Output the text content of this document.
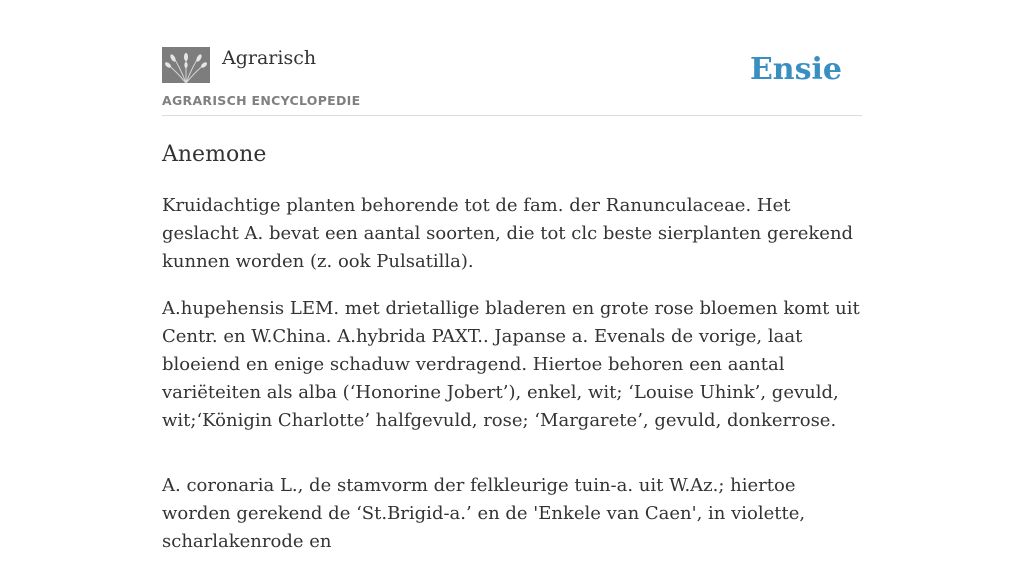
Agrarisch
AGRARISCH ENCYCLOPEDIE
Ensie
Anemone

Kruidachtige planten behorende tot de fam. der Ranunculaceae. Het geslacht A. bevat een aantal soorten, die tot clc beste sierplanten gerekend kunnen worden (z. ook Pulsatilla).

A.hupehensis LEM. met drietallige bladeren en grote rose bloemen komt uit Centr. en W.China. A.hybrida PAXT.. Japanse a. Evenals de vorige, laat bloeiend en enige schaduw verdragend. Hiertoe behoren een aantal variëteiten als alba (‘Honorine Jobert’), enkel, wit; ‘Louise Uhink’, gevuld, wit;‘Königin Charlotte’ halfgevuld, rose; ‘Margarete’, gevuld, donkerrose.

A. coronaria L., de stamvorm der felkleurige tuin-a. uit W.Az.; hiertoe worden gerekend de ‘St.Brigid-a.’ en de 'Enkele van Caen', in violette, scharlakenrode en
